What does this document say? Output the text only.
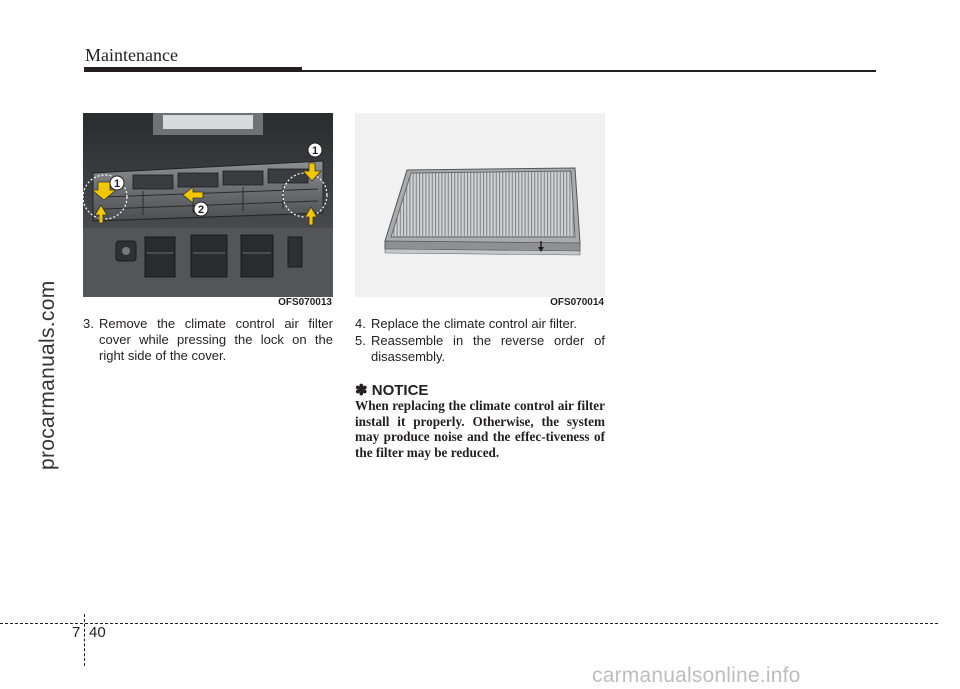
Maintenance
procarmanuals.com
1
1
2
OFS070013	OFS070014
3. Remove the climate control air filter cover while pressing the lock on the right side of the cover.
4. Replace the climate control air filter.
5. Reassemble in the reverse order of disassembly.
✽ NOTICE
When replacing the climate control air filter install it properly. Otherwise, the system may produce noise and the effec-tiveness of the filter may be reduced.
7 40
carmanualsonline.info
